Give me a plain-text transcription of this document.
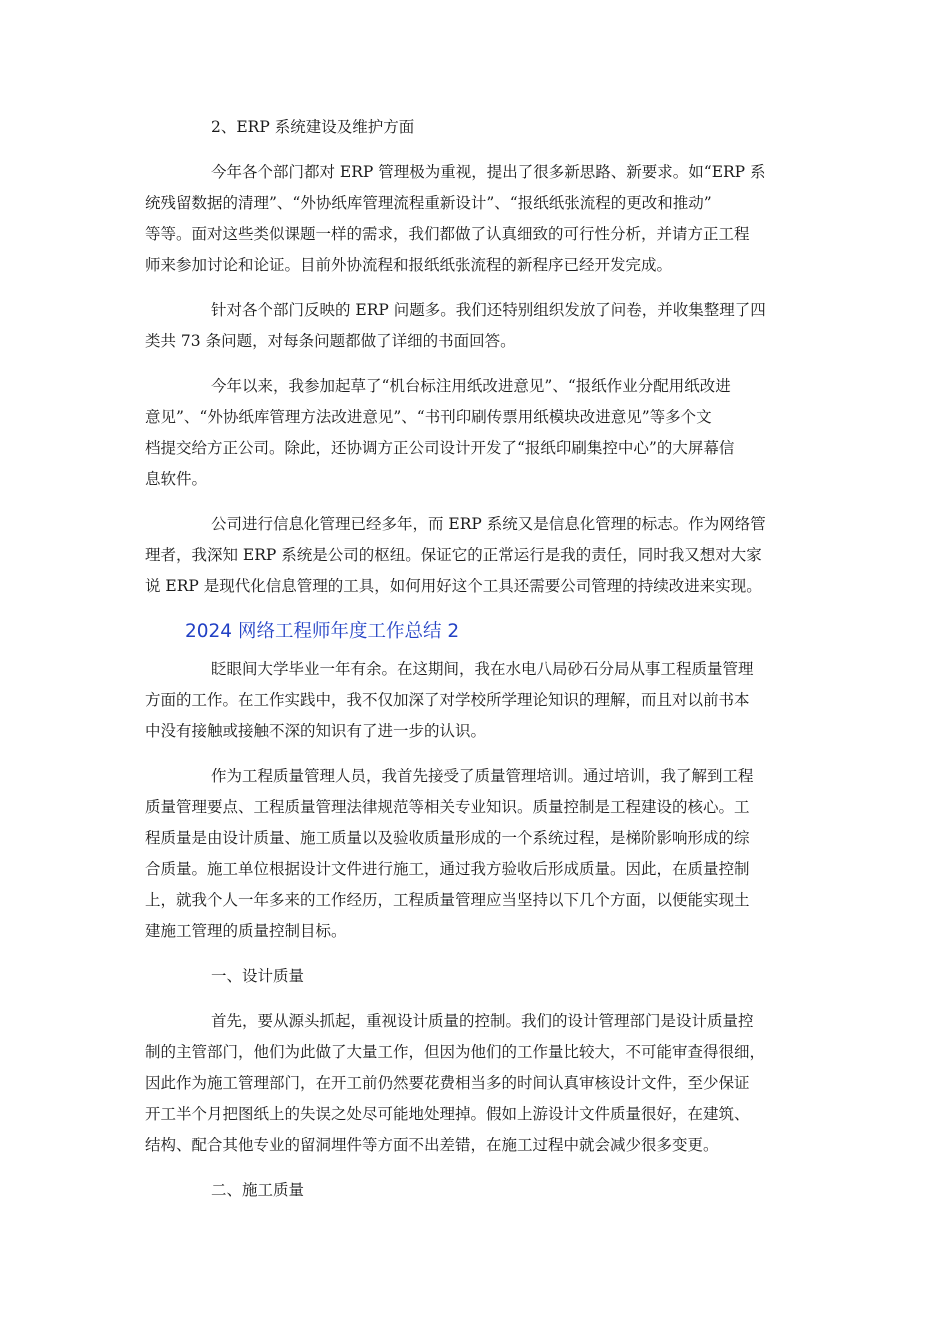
2、ERP 系统建设及维护方面
今年各个部门都对 ERP 管理极为重视，提出了很多新思路、新要求。如“ERP 系
统残留数据的清理”、“外协纸库管理流程重新设计”、“报纸纸张流程的更改和推动”
等等。面对这些类似课题一样的需求，我们都做了认真细致的可行性分析，并请方正工程
师来参加讨论和论证。目前外协流程和报纸纸张流程的新程序已经开发完成。
针对各个部门反映的 ERP 问题多。我们还特别组织发放了问卷，并收集整理了四
类共 73 条问题，对每条问题都做了详细的书面回答。
今年以来，我参加起草了“机台标注用纸改进意见”、“报纸作业分配用纸改进
意见”、“外协纸库管理方法改进意见”、“书刊印刷传票用纸模块改进意见”等多个文
档提交给方正公司。除此，还协调方正公司设计开发了“报纸印刷集控中心”的大屏幕信
息软件。
公司进行信息化管理已经多年，而 ERP 系统又是信息化管理的标志。作为网络管
理者，我深知 ERP 系统是公司的枢纽。保证它的正常运行是我的责任，同时我又想对大家
说 ERP 是现代化信息管理的工具，如何用好这个工具还需要公司管理的持续改进来实现。
2024 网络工程师年度工作总结 2
眨眼间大学毕业一年有余。在这期间，我在水电八局砂石分局从事工程质量管理
方面的工作。在工作实践中，我不仅加深了对学校所学理论知识的理解，而且对以前书本
中没有接触或接触不深的知识有了进一步的认识。
作为工程质量管理人员，我首先接受了质量管理培训。通过培训，我了解到工程
质量管理要点、工程质量管理法律规范等相关专业知识。质量控制是工程建设的核心。工
程质量是由设计质量、施工质量以及验收质量形成的一个系统过程，是梯阶影响形成的综
合质量。施工单位根据设计文件进行施工，通过我方验收后形成质量。因此，在质量控制
上，就我个人一年多来的工作经历，工程质量管理应当坚持以下几个方面，以便能实现土
建施工管理的质量控制目标。
一、设计质量
首先，要从源头抓起，重视设计质量的控制。我们的设计管理部门是设计质量控
制的主管部门，他们为此做了大量工作，但因为他们的工作量比较大，不可能审查得很细，
因此作为施工管理部门，在开工前仍然要花费相当多的时间认真审核设计文件，至少保证
开工半个月把图纸上的失误之处尽可能地处理掉。假如上游设计文件质量很好，在建筑、
结构、配合其他专业的留洞埋件等方面不出差错，在施工过程中就会减少很多变更。
二、施工质量
